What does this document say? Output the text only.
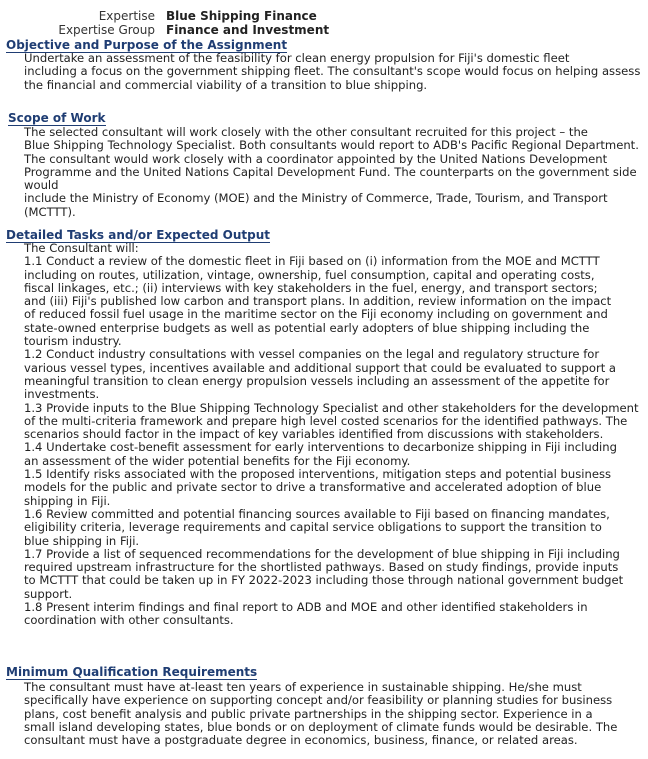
Expertise Blue Shipping Finance
Expertise Group Finance and Investment
Objective and Purpose of the Assignment

Undertake an assessment of the feasibility for clean energy propulsion for Fiji's domestic fleet
including a focus on the government shipping fleet. The consultant's scope would focus on helping assess
the financial and commercial viability of a transition to blue shipping.

Scope of Work

The selected consultant will work closely with the other consultant recruited for this project – the
Blue Shipping Technology Specialist. Both consultants would report to ADB's Pacific Regional Department.
The consultant would work closely with a coordinator appointed by the United Nations Development
Programme and the United Nations Capital Development Fund. The counterparts on the government side would
include the Ministry of Economy (MOE) and the Ministry of Commerce, Trade, Tourism, and Transport
(MCTTT).

Detailed Tasks and/or Expected Output

The Consultant will:
1.1 Conduct a review of the domestic fleet in Fiji based on (i) information from the MOE and MCTTT
including on routes, utilization, vintage, ownership, fuel consumption, capital and operating costs,
fiscal linkages, etc.; (ii) interviews with key stakeholders in the fuel, energy, and transport sectors;
and (iii) Fiji's published low carbon and transport plans. In addition, review information on the impact
of reduced fossil fuel usage in the maritime sector on the Fiji economy including on government and
state-owned enterprise budgets as well as potential early adopters of blue shipping including the
tourism industry.
1.2 Conduct industry consultations with vessel companies on the legal and regulatory structure for
various vessel types, incentives available and additional support that could be evaluated to support a
meaningful transition to clean energy propulsion vessels including an assessment of the appetite for
investments.
1.3 Provide inputs to the Blue Shipping Technology Specialist and other stakeholders for the development
of the multi-criteria framework and prepare high level costed scenarios for the identified pathways. The
scenarios should factor in the impact of key variables identified from discussions with stakeholders.
1.4 Undertake cost-benefit assessment for early interventions to decarbonize shipping in Fiji including
an assessment of the wider potential benefits for the Fiji economy.
1.5 Identify risks associated with the proposed interventions, mitigation steps and potential business
models for the public and private sector to drive a transformative and accelerated adoption of blue
shipping in Fiji.
1.6 Review committed and potential financing sources available to Fiji based on financing mandates,
eligibility criteria, leverage requirements and capital service obligations to support the transition to
blue shipping in Fiji.
1.7 Provide a list of sequenced recommendations for the development of blue shipping in Fiji including
required upstream infrastructure for the shortlisted pathways. Based on study findings, provide inputs
to MCTTT that could be taken up in FY 2022-2023 including those through national government budget
support.
1.8 Present interim findings and final report to ADB and MOE and other identified stakeholders in
coordination with other consultants.

Minimum Qualification Requirements

The consultant must have at-least ten years of experience in sustainable shipping. He/she must
specifically have experience on supporting concept and/or feasibility or planning studies for business
plans, cost benefit analysis and public private partnerships in the shipping sector. Experience in a
small island developing states, blue bonds or on deployment of climate funds would be desirable. The
consultant must have a postgraduate degree in economics, business, finance, or related areas.
